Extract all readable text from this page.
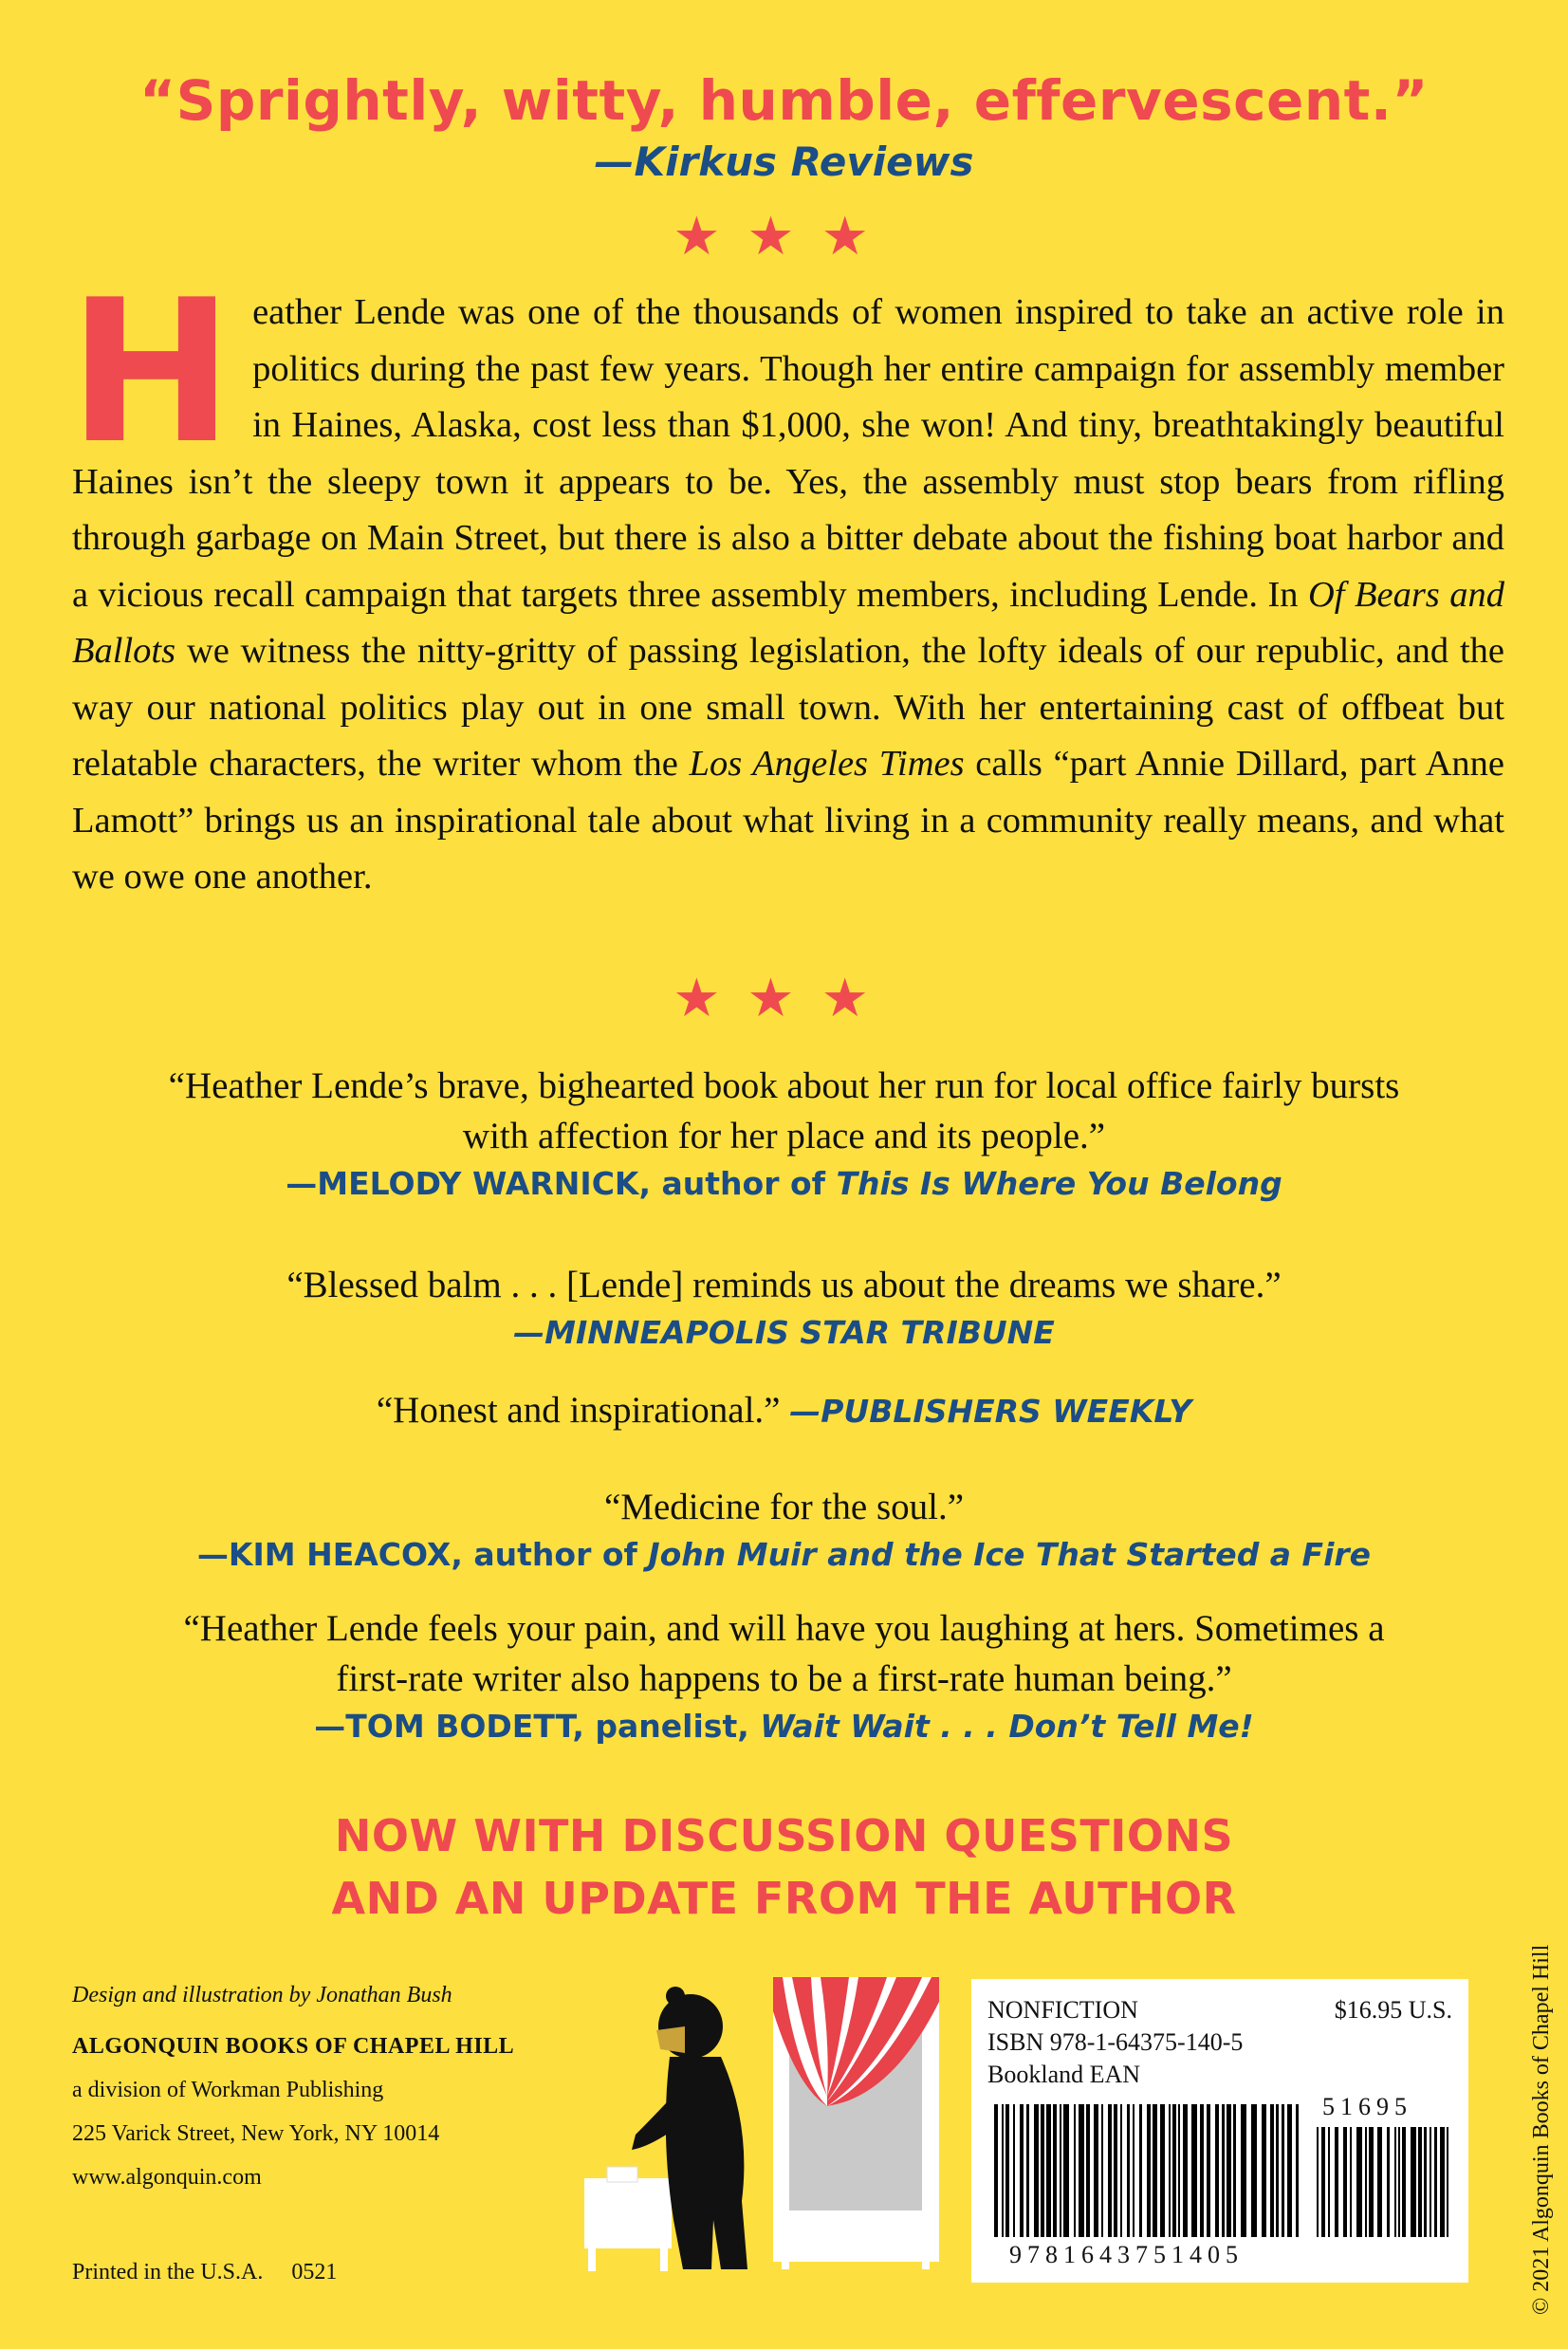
“Sprightly, witty, humble, effervescent.”
—Kirkus Reviews
★★★
Heather Lende was one of the thousands of women inspired to take an active role in politics during the past few years. Though her entire campaign for assembly member in Haines, Alaska, cost less than $1,000, she won! And tiny, breathtakingly beautiful Haines isn’t the sleepy town it appears to be. Yes, the assembly must stop bears from rifling through garbage on Main Street, but there is also a bitter debate about the fishing boat harbor and a vicious recall campaign that targets three assembly members, including Lende. In Of Bears and Ballots we witness the nitty-gritty of passing legislation, the lofty ideals of our republic, and the way our national politics play out in one small town. With her entertaining cast of offbeat but relatable characters, the writer whom the Los Angeles Times calls “part Annie Dillard, part Anne Lamott” brings us an inspirational tale about what living in a community really means, and what we owe one another.
★★★
“Heather Lende’s brave, bighearted book about her run for local office fairly bursts
with affection for her place and its people.”
—MELODY WARNICK, author of This Is Where You Belong
“Blessed balm . . . [Lende] reminds us about the dreams we share.”
—MINNEAPOLIS STAR TRIBUNE
“Honest and inspirational.” —PUBLISHERS WEEKLY
“Medicine for the soul.”
—KIM HEACOX, author of John Muir and the Ice That Started a Fire
“Heather Lende feels your pain, and will have you laughing at hers. Sometimes a
first-rate writer also happens to be a first-rate human being.”
—TOM BODETT, panelist, Wait Wait . . . Don’t Tell Me!
NOW WITH DISCUSSION QUESTIONS
AND AN UPDATE FROM THE AUTHOR
Design and illustration by Jonathan Bush
ALGONQUIN BOOKS OF CHAPEL HILL
a division of Workman Publishing
225 Varick Street, New York, NY 10014
www.algonquin.com
Printed in the U.S.A.     0521
NONFICTION	$16.95 U.S.
ISBN 978-1-64375-140-5
Bookland EAN
51695
9781643751405	© 2021 Algonquin Books of Chapel Hill
